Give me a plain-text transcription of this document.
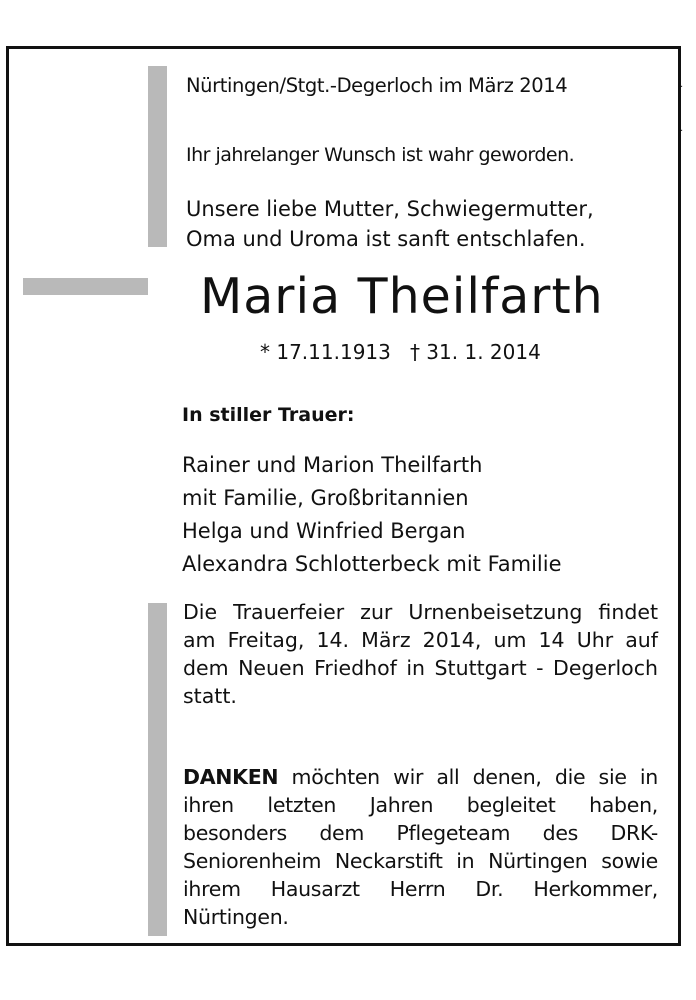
·
·
Nürtingen/Stgt.-Degerloch im März 2014
Ihr jahrelanger Wunsch ist wahr geworden.
Unsere liebe Mutter, Schwiegermutter,
Oma und Uroma ist sanft entschlafen.
Maria Theilfarth
* 17.11.1913   † 31. 1. 2014
In stiller Trauer:
Rainer und Marion Theilfarth
mit Familie, Großbritannien
Helga und Winfried Bergan
Alexandra Schlotterbeck mit Familie
Die Trauerfeier zur Urnenbeisetzung findet am Freitag, 14. März 2014, um 14 Uhr auf dem Neuen Friedhof in Stuttgart - Degerloch statt.
DANKEN möchten wir all denen, die sie in ihren letzten Jahren begleitet haben, besonders dem Pflegeteam des DRK- Seniorenheim Neckarstift in Nürtingen sowie ihrem Hausarzt Herrn Dr. Herkommer, Nürtingen.
